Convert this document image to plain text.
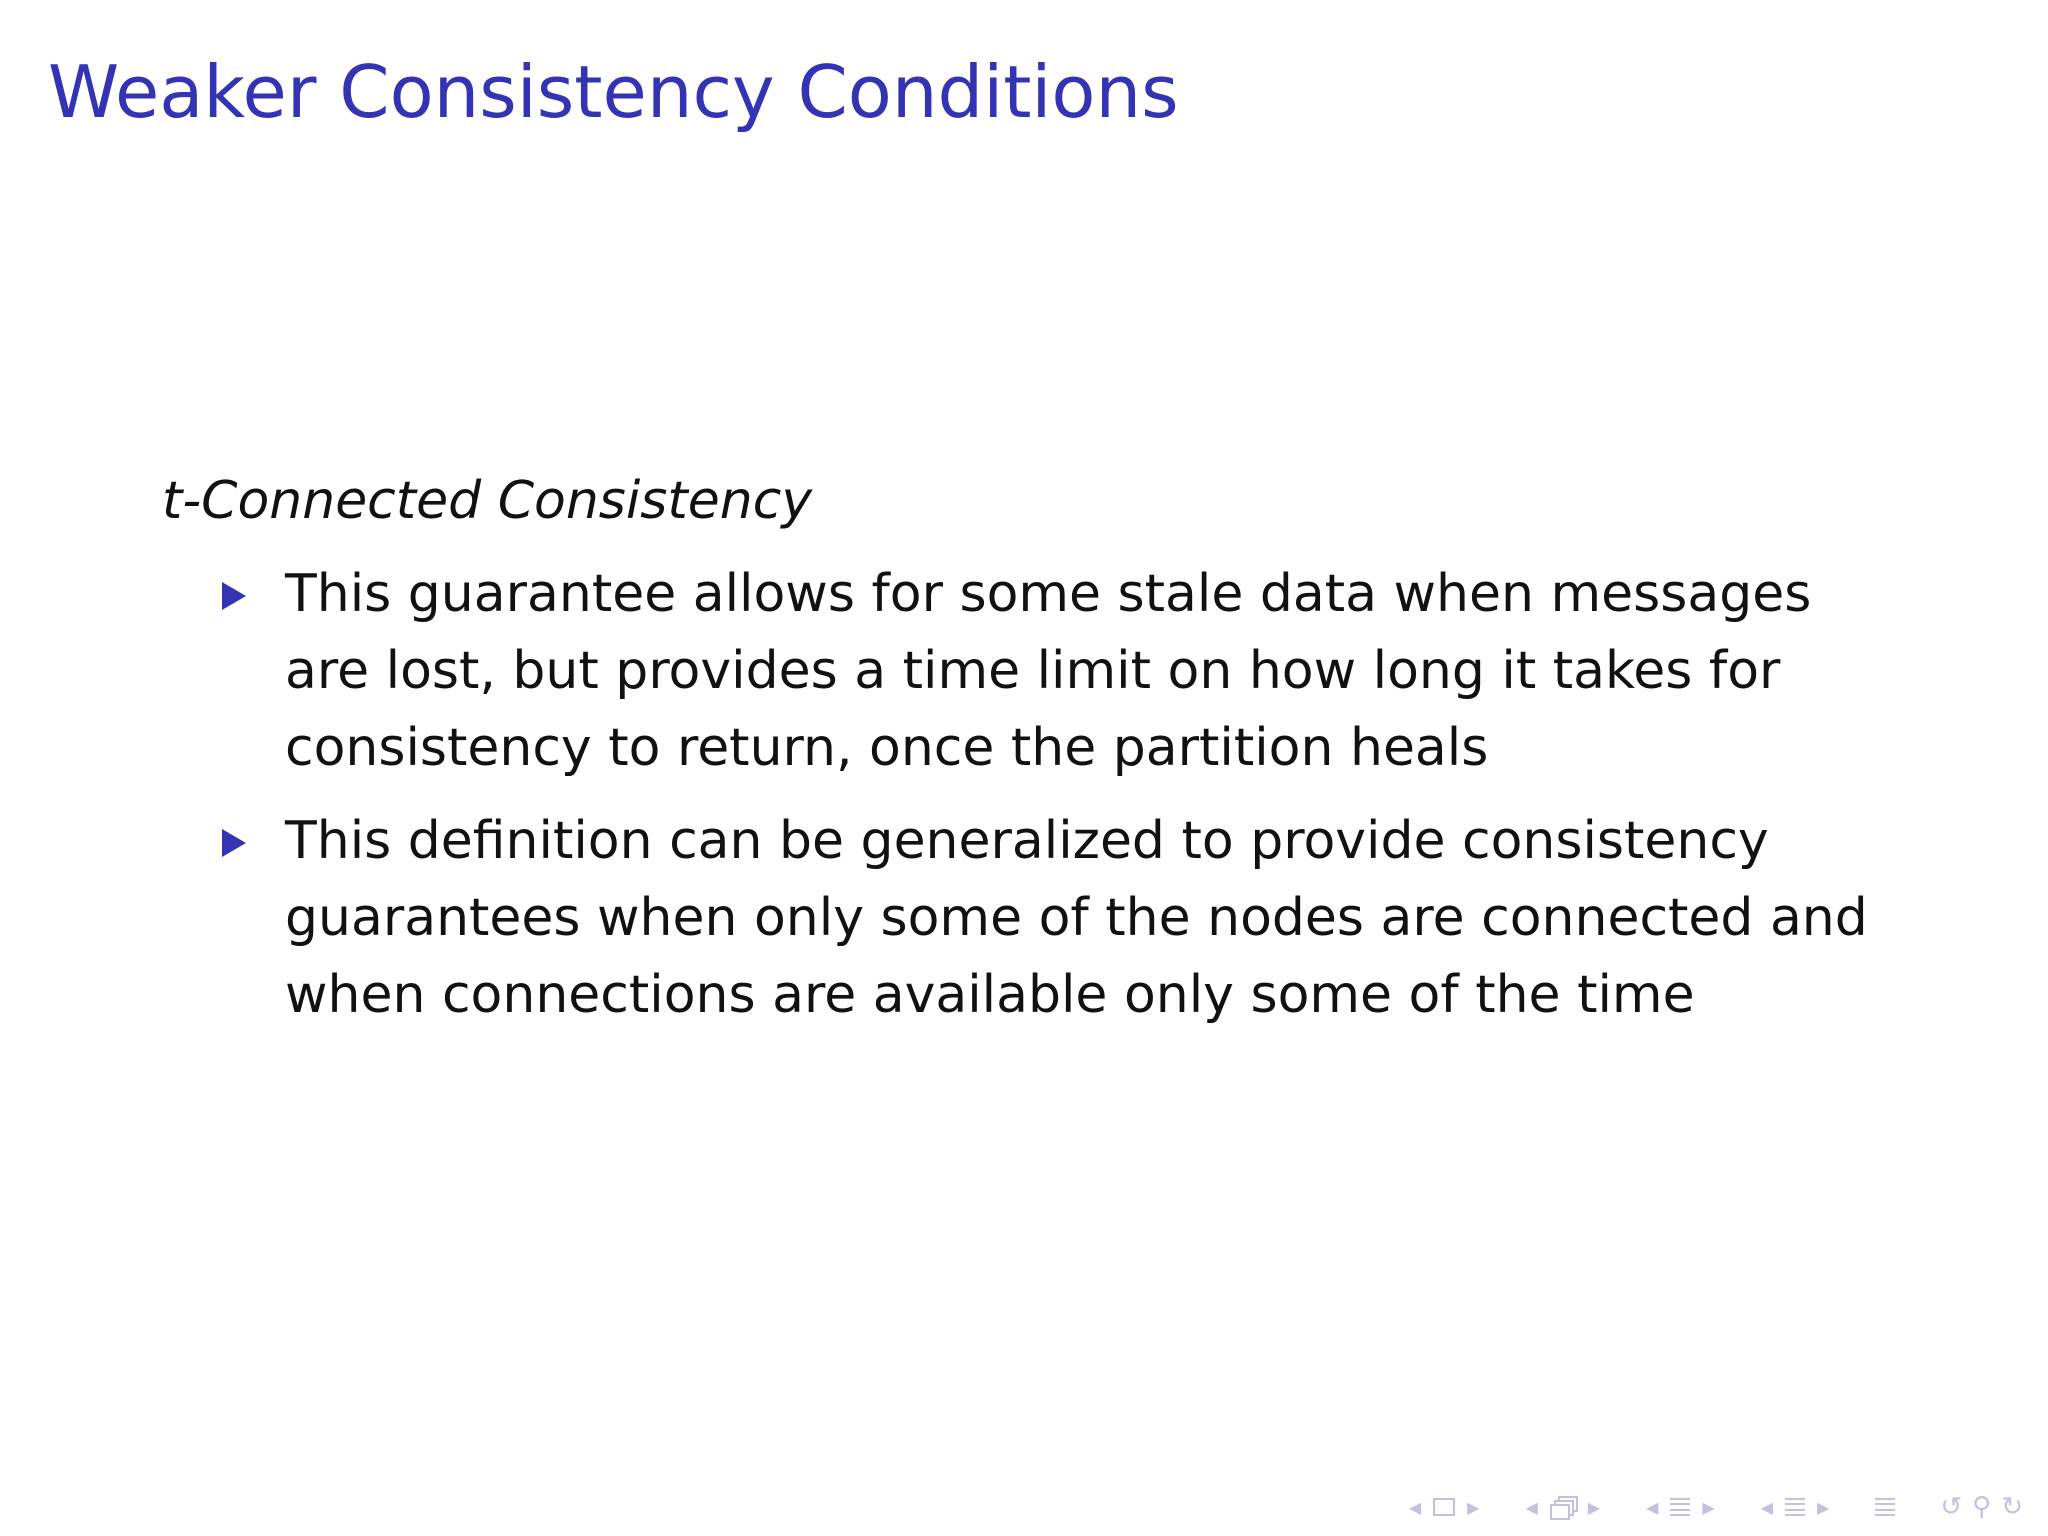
Weaker Consistency Conditions
t-Connected Consistency
This guarantee allows for some stale data when messages are lost, but provides a time limit on how long it takes for consistency to return, once the partition heals
This definition can be generalized to provide consistency guarantees when only some of the nodes are connected and when connections are available only some of the time
◀	▶	◀	▶	◀	▶	◀	▶	↺ ⚲ ↻
